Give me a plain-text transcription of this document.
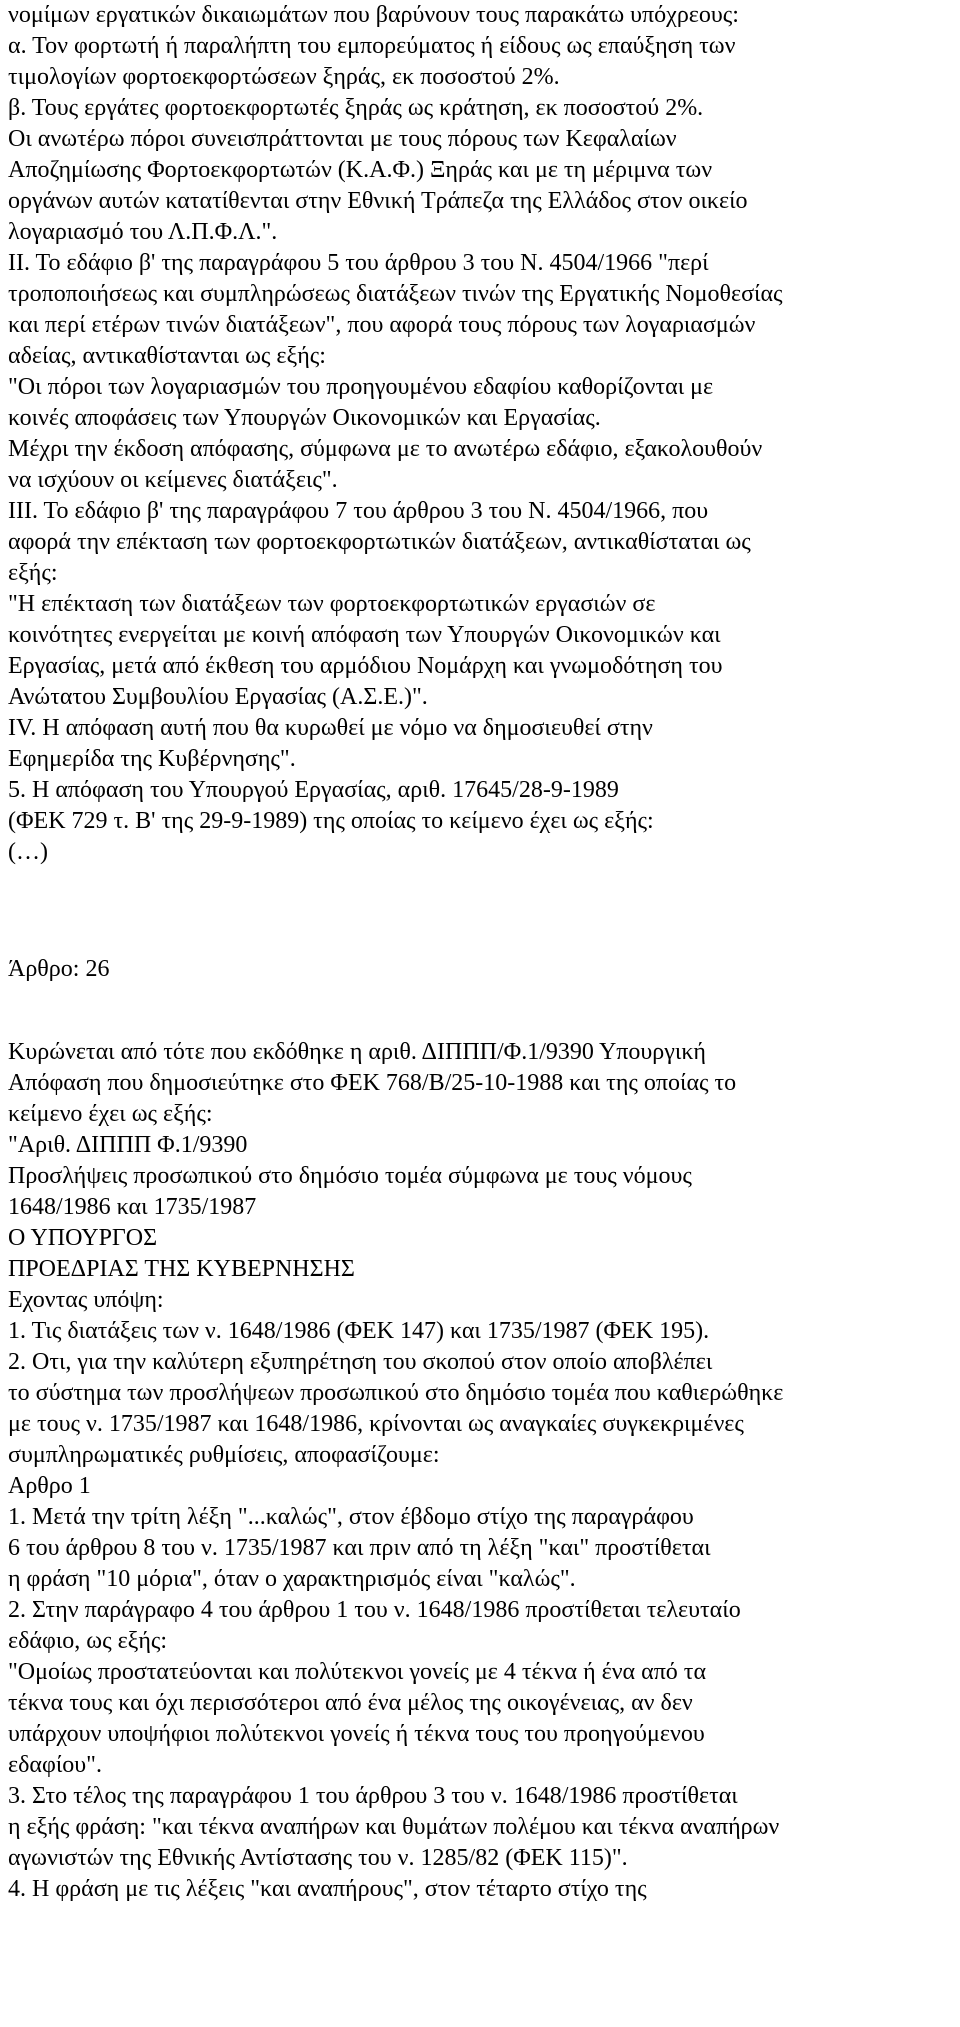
νομίμων εργατικών δικαιωμάτων που βαρύνουν τους παρακάτω υπόχρεους:
α. Τον φορτωτή ή παραλήπτη του εμπορεύματος ή είδους ως επαύξηση των
τιμολογίων φορτοεκφορτώσεων ξηράς, εκ ποσοστού 2%.
β. Τους εργάτες φορτοεκφορτωτές ξηράς ως κράτηση, εκ ποσοστού 2%.
Οι ανωτέρω πόροι συνεισπράττονται με τους πόρους των Κεφαλαίων
Αποζημίωσης Φορτοεκφορτωτών (Κ.Α.Φ.) Ξηράς και με τη μέριμνα των
οργάνων αυτών κατατίθενται στην Εθνική Τράπεζα της Ελλάδος στον οικείο
λογαριασμό του Λ.Π.Φ.Λ.".
ΙΙ. Το εδάφιο β' της παραγράφου 5 του άρθρου 3 του Ν. 4504/1966 "περί
τροποποιήσεως και συμπληρώσεως διατάξεων τινών της Εργατικής Νομοθεσίας
και περί ετέρων τινών διατάξεων", που αφορά τους πόρους των λογαριασμών
αδείας, αντικαθίστανται ως εξής:
"Οι πόροι των λογαριασμών του προηγουμένου εδαφίου καθορίζονται με
κοινές αποφάσεις των Υπουργών Οικονομικών και Εργασίας.
Μέχρι την έκδοση απόφασης, σύμφωνα με το ανωτέρω εδάφιο, εξακολουθούν
να ισχύουν οι κείμενες διατάξεις".
ΙΙΙ. Το εδάφιο β' της παραγράφου 7 του άρθρου 3 του Ν. 4504/1966, που
αφορά την επέκταση των φορτοεκφορτωτικών διατάξεων, αντικαθίσταται ως
εξής:
"Η επέκταση των διατάξεων των φορτοεκφορτωτικών εργασιών σε
κοινότητες ενεργείται με κοινή απόφαση των Υπουργών Οικονομικών και
Εργασίας, μετά από έκθεση του αρμόδιου Νομάρχη και γνωμοδότηση του
Ανώτατου Συμβουλίου Εργασίας (Α.Σ.Ε.)".
ΙV. Η απόφαση αυτή που θα κυρωθεί με νόμο να δημοσιευθεί στην
Εφημερίδα της Κυβέρνησης".
5. Η απόφαση του Υπουργού Εργασίας, αριθ. 17645/28-9-1989
(ΦΕΚ 729 τ. Β' της 29-9-1989) της οποίας το κείμενο έχει ως εξής:
(…)
Άρθρο: 26
Κυρώνεται από τότε που εκδόθηκε η αριθ. ΔΙΠΠΠ/Φ.1/9390 Υπουργική
Απόφαση που δημοσιεύτηκε στο ΦΕΚ 768/Β/25-10-1988 και της οποίας το
κείμενο έχει ως εξής:
"Αριθ. ΔΙΠΠΠ Φ.1/9390
Προσλήψεις προσωπικού στο δημόσιο τομέα σύμφωνα με τους νόμους
1648/1986 και 1735/1987
Ο ΥΠΟΥΡΓΟΣ
ΠΡΟΕΔΡΙΑΣ ΤΗΣ ΚΥΒΕΡΝΗΣΗΣ
Εχοντας υπόψη:
1. Τις διατάξεις των ν. 1648/1986 (ΦΕΚ 147) και 1735/1987 (ΦΕΚ 195).
2. Οτι, για την καλύτερη εξυπηρέτηση του σκοπού στον οποίο αποβλέπει
το σύστημα των προσλήψεων προσωπικού στο δημόσιο τομέα που καθιερώθηκε
με τους ν. 1735/1987 και 1648/1986, κρίνονται ως αναγκαίες συγκεκριμένες
συμπληρωματικές ρυθμίσεις, αποφασίζουμε:
Αρθρο 1
1. Μετά την τρίτη λέξη "...καλώς", στον έβδομο στίχο της παραγράφου
6 του άρθρου 8 του ν. 1735/1987 και πριν από τη λέξη "και" προστίθεται
η φράση "10 μόρια", όταν ο χαρακτηρισμός είναι "καλώς".
2. Στην παράγραφο 4 του άρθρου 1 του ν. 1648/1986 προστίθεται τελευταίο
εδάφιο, ως εξής:
"Ομοίως προστατεύονται και πολύτεκνοι γονείς με 4 τέκνα ή ένα από τα
τέκνα τους και όχι περισσότεροι από ένα μέλος της οικογένειας, αν δεν
υπάρχουν υποψήφιοι πολύτεκνοι γονείς ή τέκνα τους του προηγούμενου
εδαφίου".
3. Στο τέλος της παραγράφου 1 του άρθρου 3 του ν. 1648/1986 προστίθεται
η εξής φράση: "και τέκνα αναπήρων και θυμάτων πολέμου και τέκνα αναπήρων
αγωνιστών της Εθνικής Αντίστασης του ν. 1285/82 (ΦΕΚ 115)".
4. Η φράση με τις λέξεις "και αναπήρους", στον τέταρτο στίχο της
